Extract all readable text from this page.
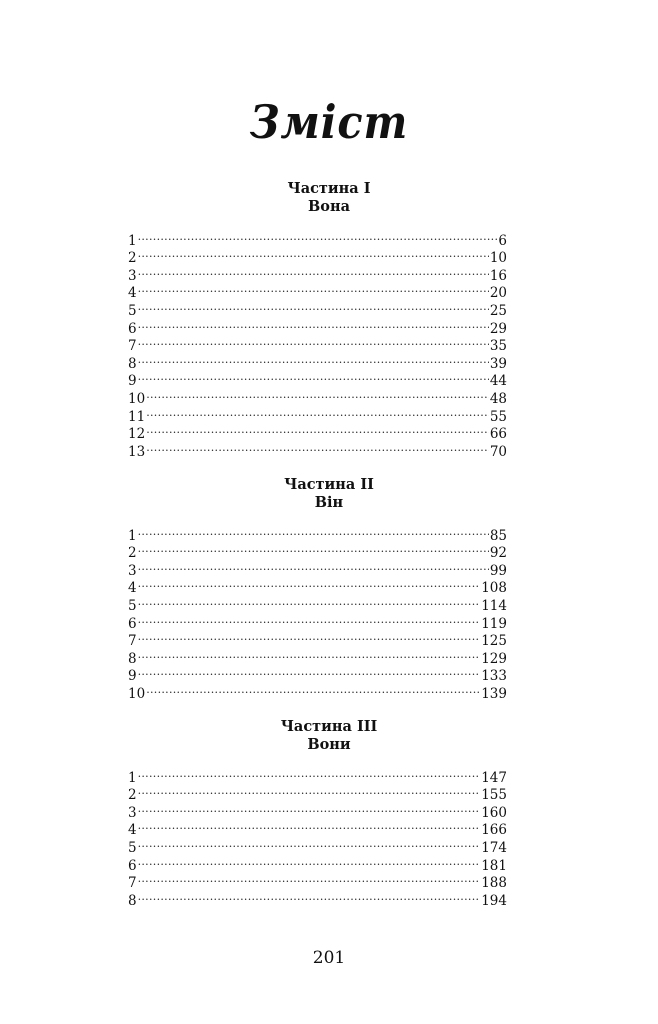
Зміст
Частина I
Вона
1 .....	6
2 .....	10
3 .....	16
4 .....	20
5 .....	25
6 .....	29
7 .....	35
8 .....	39
9 .....	44
10 .....	48
11 .....	55
12 .....	66
13 .....	70
Частина II
Він
1 .....	85
2 .....	92
3 .....	99
4 .....	108
5 .....	114
6 .....	119
7 .....	125
8 .....	129
9 .....	133
10 .....	139
Частина III
Вони
1 .....	147
2 .....	155
3 .....	160
4 .....	166
5 .....	174
6 .....	181
7 .....	188
8 .....	194
201
